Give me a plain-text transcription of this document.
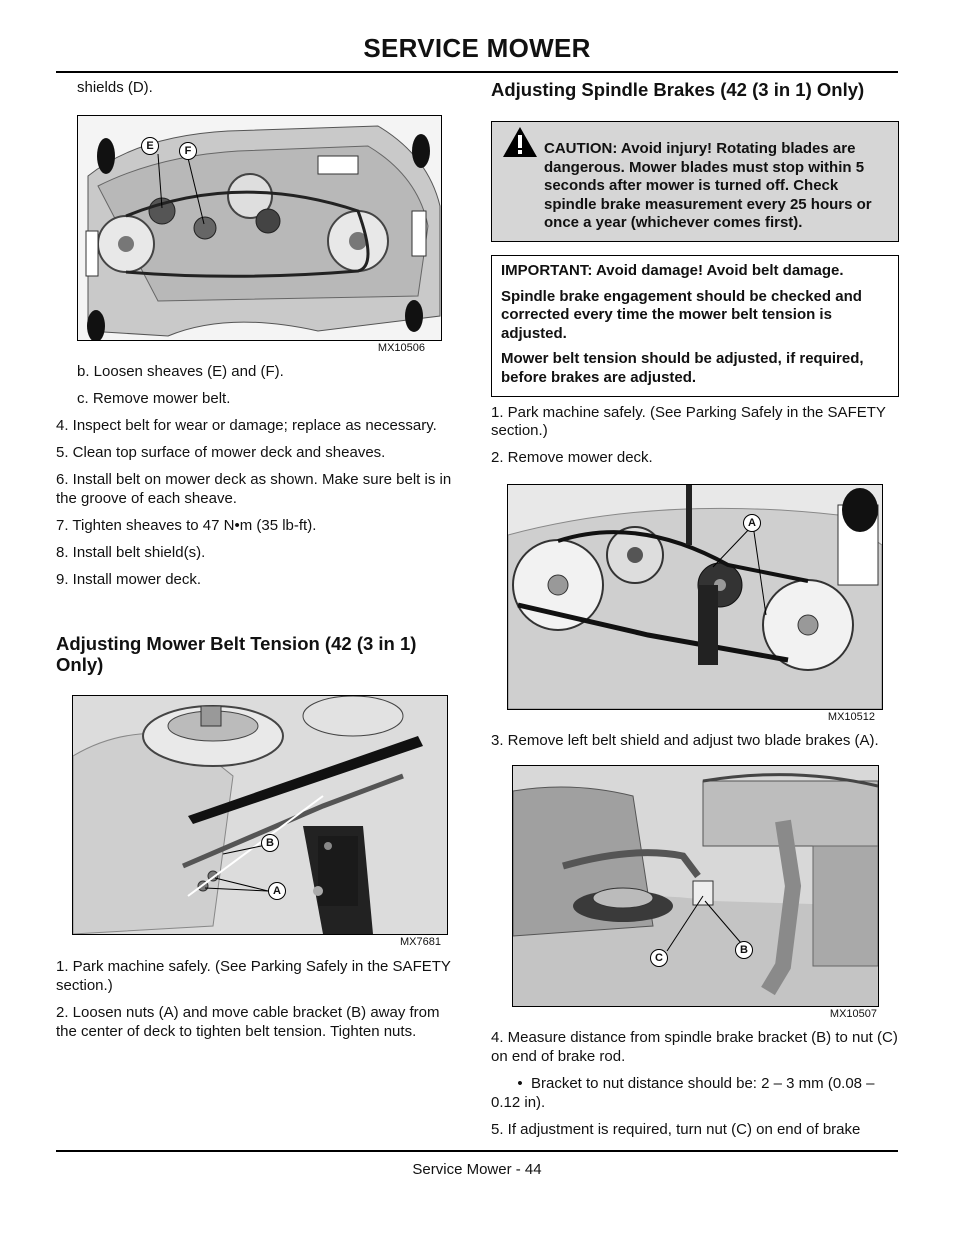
SERVICE MOWER

shields (D).

E	F
MX10506

b. Loosen sheaves (E) and (F).

c. Remove mower belt.

4. Inspect belt for wear or damage; replace as necessary.

5. Clean top surface of mower deck and sheaves.

6. Install belt on mower deck as shown. Make sure belt is in the groove of each sheave.

7. Tighten sheaves to 47 N•m (35 lb-ft).

8. Install belt shield(s).

9. Install mower deck.

Adjusting Mower Belt Tension (42 (3 in 1) Only)
B
A
MX7681

1. Park machine safely. (See Parking Safely in the SAFETY section.)

2. Loosen nuts (A) and move cable bracket (B) away from the center of deck to tighten belt tension. Tighten nuts.

Adjusting Spindle Brakes (42 (3 in 1) Only)

CAUTION: Avoid injury! Rotating blades are dangerous. Mower blades must stop within 5 seconds after mower is turned off. Check spindle brake measurement every 25 hours or once a year (whichever comes first).

IMPORTANT: Avoid damage! Avoid belt damage.

Spindle brake engagement should be checked and corrected every time the mower belt tension is adjusted.

Mower belt tension should be adjusted, if required, before brakes are adjusted.

1. Park machine safely. (See Parking Safely in the SAFETY section.)

2. Remove mower deck.

A
MX10512

3. Remove left belt shield and adjust two blade brakes (A).

C
B
MX10507

4. Measure distance from spindle brake bracket (B) to nut (C) on end of brake rod.

• Bracket to nut distance should be: 2 – 3 mm (0.08 – 0.12 in).

5. If adjustment is required, turn nut (C) on end of brake

Service Mower - 44
